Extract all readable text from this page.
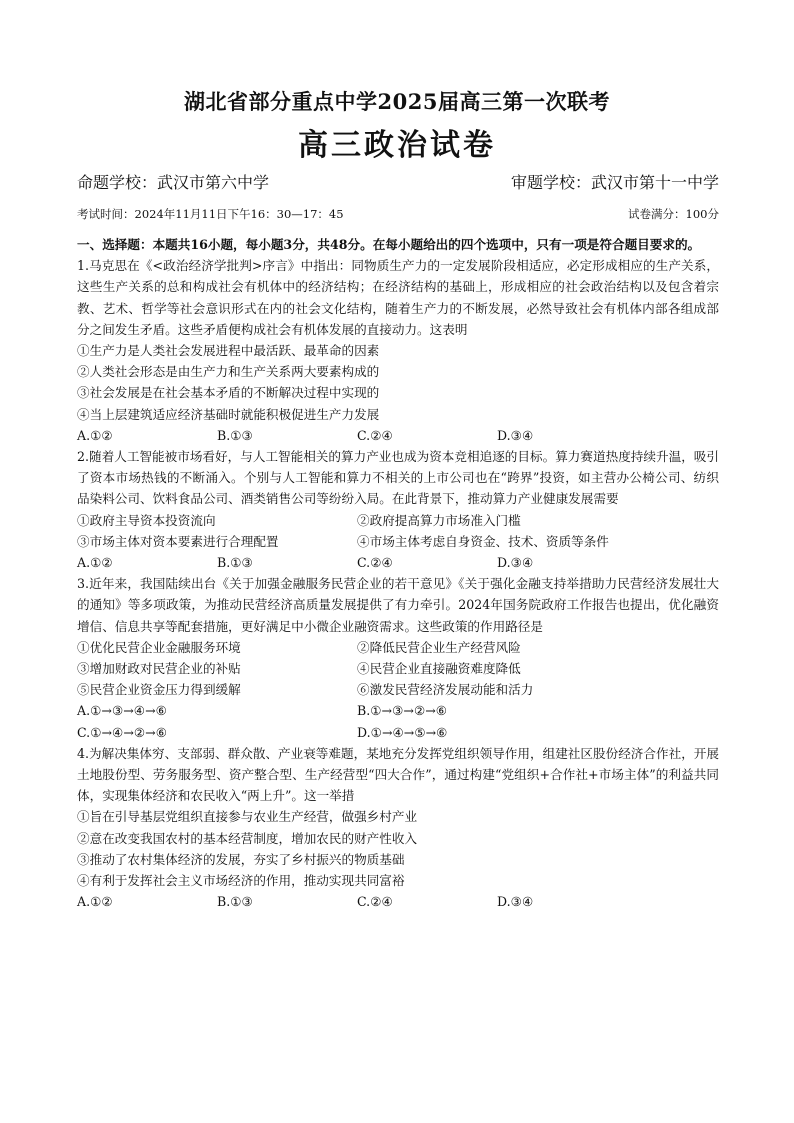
湖北省部分重点中学2025届高三第一次联考
高三政治试卷
命题学校：武汉市第六中学	审题学校：武汉市第十一中学
考试时间：2024年11月11日下午16：30—17：45	试卷满分：100分
一、选择题：本题共16小题，每小题3分，共48分。在每小题给出的四个选项中，只有一项是符合题目要求的。
1.马克思在《<政治经济学批判>序言》中指出：同物质生产力的一定发展阶段相适应，必定形成相应的生产关系，这些生产关系的总和构成社会有机体中的经济结构；在经济结构的基础上，形成相应的社会政治结构以及包含着宗教、艺术、哲学等社会意识形式在内的社会文化结构，随着生产力的不断发展，必然导致社会有机体内部各组成部分之间发生矛盾。这些矛盾便构成社会有机体发展的直接动力。这表明
①生产力是人类社会发展进程中最活跃、最革命的因素
②人类社会形态是由生产力和生产关系两大要素构成的
③社会发展是在社会基本矛盾的不断解决过程中实现的
④当上层建筑适应经济基础时就能积极促进生产力发展
A.①②	B.①③	C.②④	D.③④
2.随着人工智能被市场看好，与人工智能相关的算力产业也成为资本竞相追逐的目标。算力赛道热度持续升温，吸引了资本市场热钱的不断涌入。个别与人工智能和算力不相关的上市公司也在“跨界”投资，如主营办公椅公司、纺织品染料公司、饮料食品公司、酒类销售公司等纷纷入局。在此背景下，推动算力产业健康发展需要
①政府主导资本投资流向	②政府提高算力市场准入门槛
③市场主体对资本要素进行合理配置	④市场主体考虑自身资金、技术、资质等条件
A.①②	B.①③	C.②④	D.③④
3.近年来，我国陆续出台《关于加强金融服务民营企业的若干意见》《关于强化金融支持举措助力民营经济发展壮大的通知》等多项政策，为推动民营经济高质量发展提供了有力牵引。2024年国务院政府工作报告也提出，优化融资增信、信息共享等配套措施，更好满足中小微企业融资需求。这些政策的作用路径是
①优化民营企业金融服务环境	②降低民营企业生产经营风险
③增加财政对民营企业的补贴	④民营企业直接融资难度降低
⑤民营企业资金压力得到缓解	⑥激发民营经济发展动能和活力
A.①→③→④→⑥	B.①→③→②→⑥
C.①→④→②→⑥	D.①→④→⑤→⑥
4.为解决集体穷、支部弱、群众散、产业衰等难题，某地充分发挥党组织领导作用，组建社区股份经济合作社，开展土地股份型、劳务服务型、资产整合型、生产经营型“四大合作”，通过构建“党组织+合作社+市场主体”的利益共同体，实现集体经济和农民收入“两上升”。这一举措
①旨在引导基层党组织直接参与农业生产经营，做强乡村产业
②意在改变我国农村的基本经营制度，增加农民的财产性收入
③推动了农村集体经济的发展，夯实了乡村振兴的物质基础
④有利于发挥社会主义市场经济的作用，推动实现共同富裕
A.①②	B.①③	C.②④	D.③④
